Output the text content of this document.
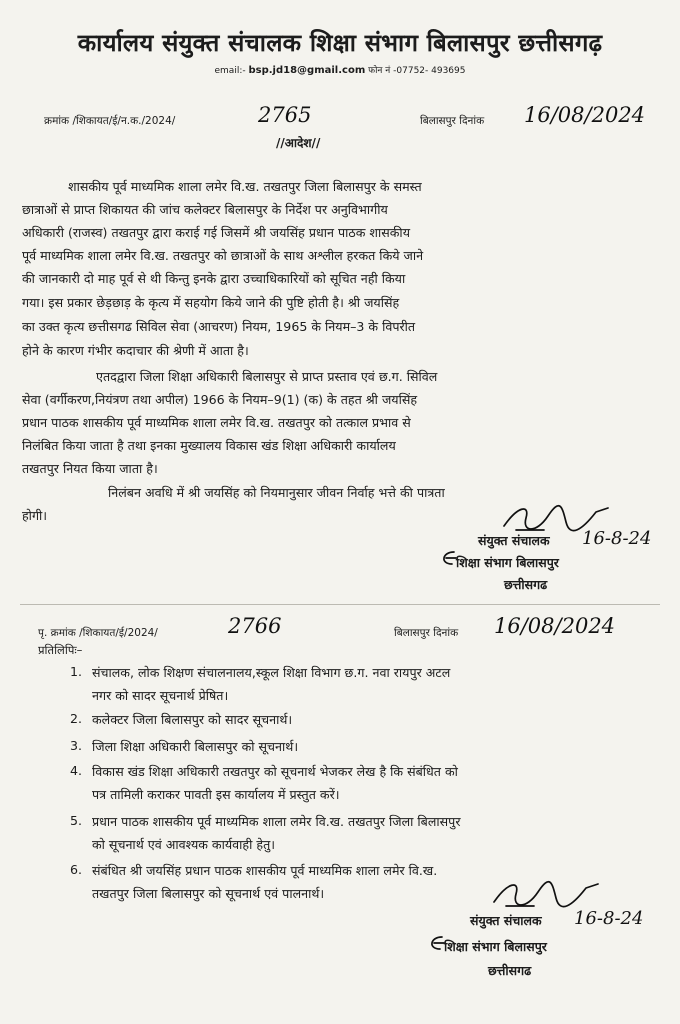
कार्यालय संयुक्त संचालक शिक्षा संभाग बिलासपुर छत्तीसगढ़
email:- bsp.jd18@gmail.com फोन नं -07752- 493695
क्रमांक /शिकायत/ई/न.क./2024/	2765	बिलासपुर दिनांक 16/08/2024
//आदेश//
शासकीय पूर्व माध्यमिक शाला लमेर वि.ख. तखतपुर जिला बिलासपुर के समस्त
छात्राओं से प्राप्त शिकायत की जांच कलेक्टर बिलासपुर के निर्देश पर अनुविभागीय
अधिकारी (राजस्व) तखतपुर द्वारा कराई गई जिसमें श्री जयसिंह प्रधान पाठक शासकीय
पूर्व माध्यमिक शाला लमेर वि.ख. तखतपुर को छात्राओं के साथ अश्लील हरकत किये जाने
की जानकारी दो माह पूर्व से थी किन्तु इनके द्वारा उच्चाधिकारियों को सूचित नही किया
गया। इस प्रकार छेड़छाड़ के कृत्य में सहयोग किये जाने की पुष्टि होती है। श्री जयसिंह
का उक्त कृत्य छत्तीसगढ सिविल सेवा (आचरण) नियम, 1965 के नियम–3 के विपरीत
होने के कारण गंभीर कदाचार की श्रेणी में आता है।
एतदद्वारा जिला शिक्षा अधिकारी बिलासपुर से प्राप्त प्रस्ताव एवं छ.ग. सिविल
सेवा (वर्गीकरण,नियंत्रण तथा अपील) 1966 के नियम–9(1) (क) के तहत श्री जयसिंह
प्रधान पाठक शासकीय पूर्व माध्यमिक शाला लमेर वि.ख. तखतपुर को तत्काल प्रभाव से
निलंबित किया जाता है तथा इनका मुख्यालय विकास खंड शिक्षा अधिकारी कार्यालय
तखतपुर नियत किया जाता है।
निलंबन अवधि में श्री जयसिंह को नियमानुसार जीवन निर्वाह भत्ते की पात्रता
होगी।
संयुक्त संचालक 16-8-24
शिक्षा संभाग बिलासपुर
छत्तीसगढ
पृ. क्रमांक /शिकायत/ई/2024/	2766	बिलासपुर दिनांक 16/08/2024
प्रतिलिपिः–
1. संचालक, लोक शिक्षण संचालनालय,स्कूल शिक्षा विभाग छ.ग. नवा रायपुर अटल
नगर को सादर सूचनार्थ प्रेषित।
2. कलेक्टर जिला बिलासपुर को सादर सूचनार्थ।
3. जिला शिक्षा अधिकारी बिलासपुर को सूचनार्थ।
4. विकास खंड शिक्षा अधिकारी तखतपुर को सूचनार्थ भेजकर लेख है कि संबंधित को
पत्र तामिली कराकर पावती इस कार्यालय में प्रस्तुत करें।
5. प्रधान पाठक शासकीय पूर्व माध्यमिक शाला लमेर वि.ख. तखतपुर जिला बिलासपुर
को सूचनार्थ एवं आवश्यक कार्यवाही हेतु।
6. संबंधित श्री जयसिंह प्रधान पाठक शासकीय पूर्व माध्यमिक शाला लमेर वि.ख.
तखतपुर जिला बिलासपुर को सूचनार्थ एवं पालनार्थ।
संयुक्त संचालक 16-8-24
शिक्षा संभाग बिलासपुर
छत्तीसगढ
